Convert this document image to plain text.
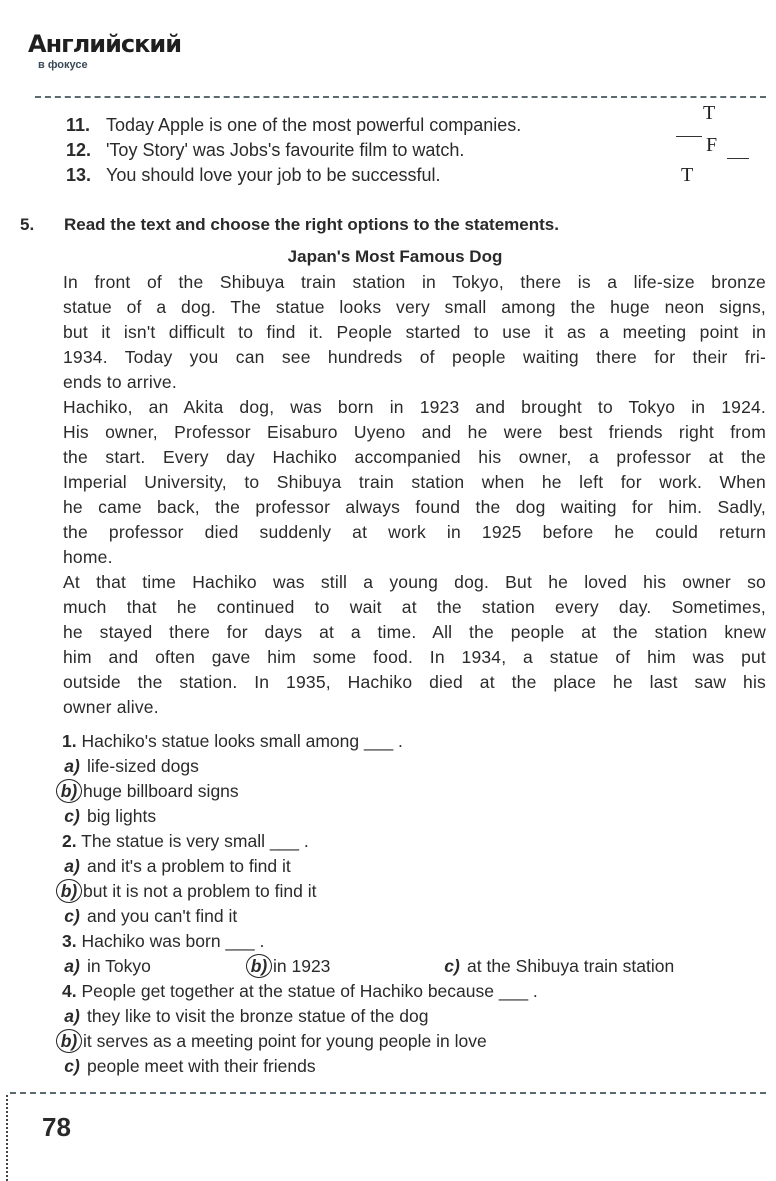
Английский
в фокусе
11. Today Apple is one of the most powerful companies.
12. 'Toy Story' was Jobs's favourite film to watch.
13. You should love your job to be successful.
T
F
T
5. Read the text and choose the right options to the statements.
Japan's Most Famous Dog
In front of the Shibuya train station in Tokyo, there is a life-size bronze
statue of a dog. The statue looks very small among the huge neon signs,
but it isn't difficult to find it. People started to use it as a meeting point in
1934. Today you can see hundreds of people waiting there for their fri-
ends to arrive.
Hachiko, an Akita dog, was born in 1923 and brought to Tokyo in 1924.
His owner, Professor Eisaburo Uyeno and he were best friends right from
the start. Every day Hachiko accompanied his owner, a professor at the
Imperial University, to Shibuya train station when he left for work. When
he came back, the professor always found the dog waiting for him. Sadly,
the professor died suddenly at work in 1925 before he could return
home.
At that time Hachiko was still a young dog. But he loved his owner so
much that he continued to wait at the station every day. Sometimes,
he stayed there for days at a time. All the people at the station knew
him and often gave him some food. In 1934, a statue of him was put
outside the station. In 1935, Hachiko died at the place he last saw his
owner alive.
1. Hachiko's statue looks small among ___ .
a) life-sized dogs
b) huge billboard signs
c) big lights
2. The statue is very small ___ .
a) and it's a problem to find it
b) but it is not a problem to find it
c) and you can't find it
3. Hachiko was born ___ .
a) in Tokyo	b) in 1923	c) at the Shibuya train station
4. People get together at the statue of Hachiko because ___ .
a) they like to visit the bronze statue of the dog
b) it serves as a meeting point for young people in love
c) people meet with their friends
78
